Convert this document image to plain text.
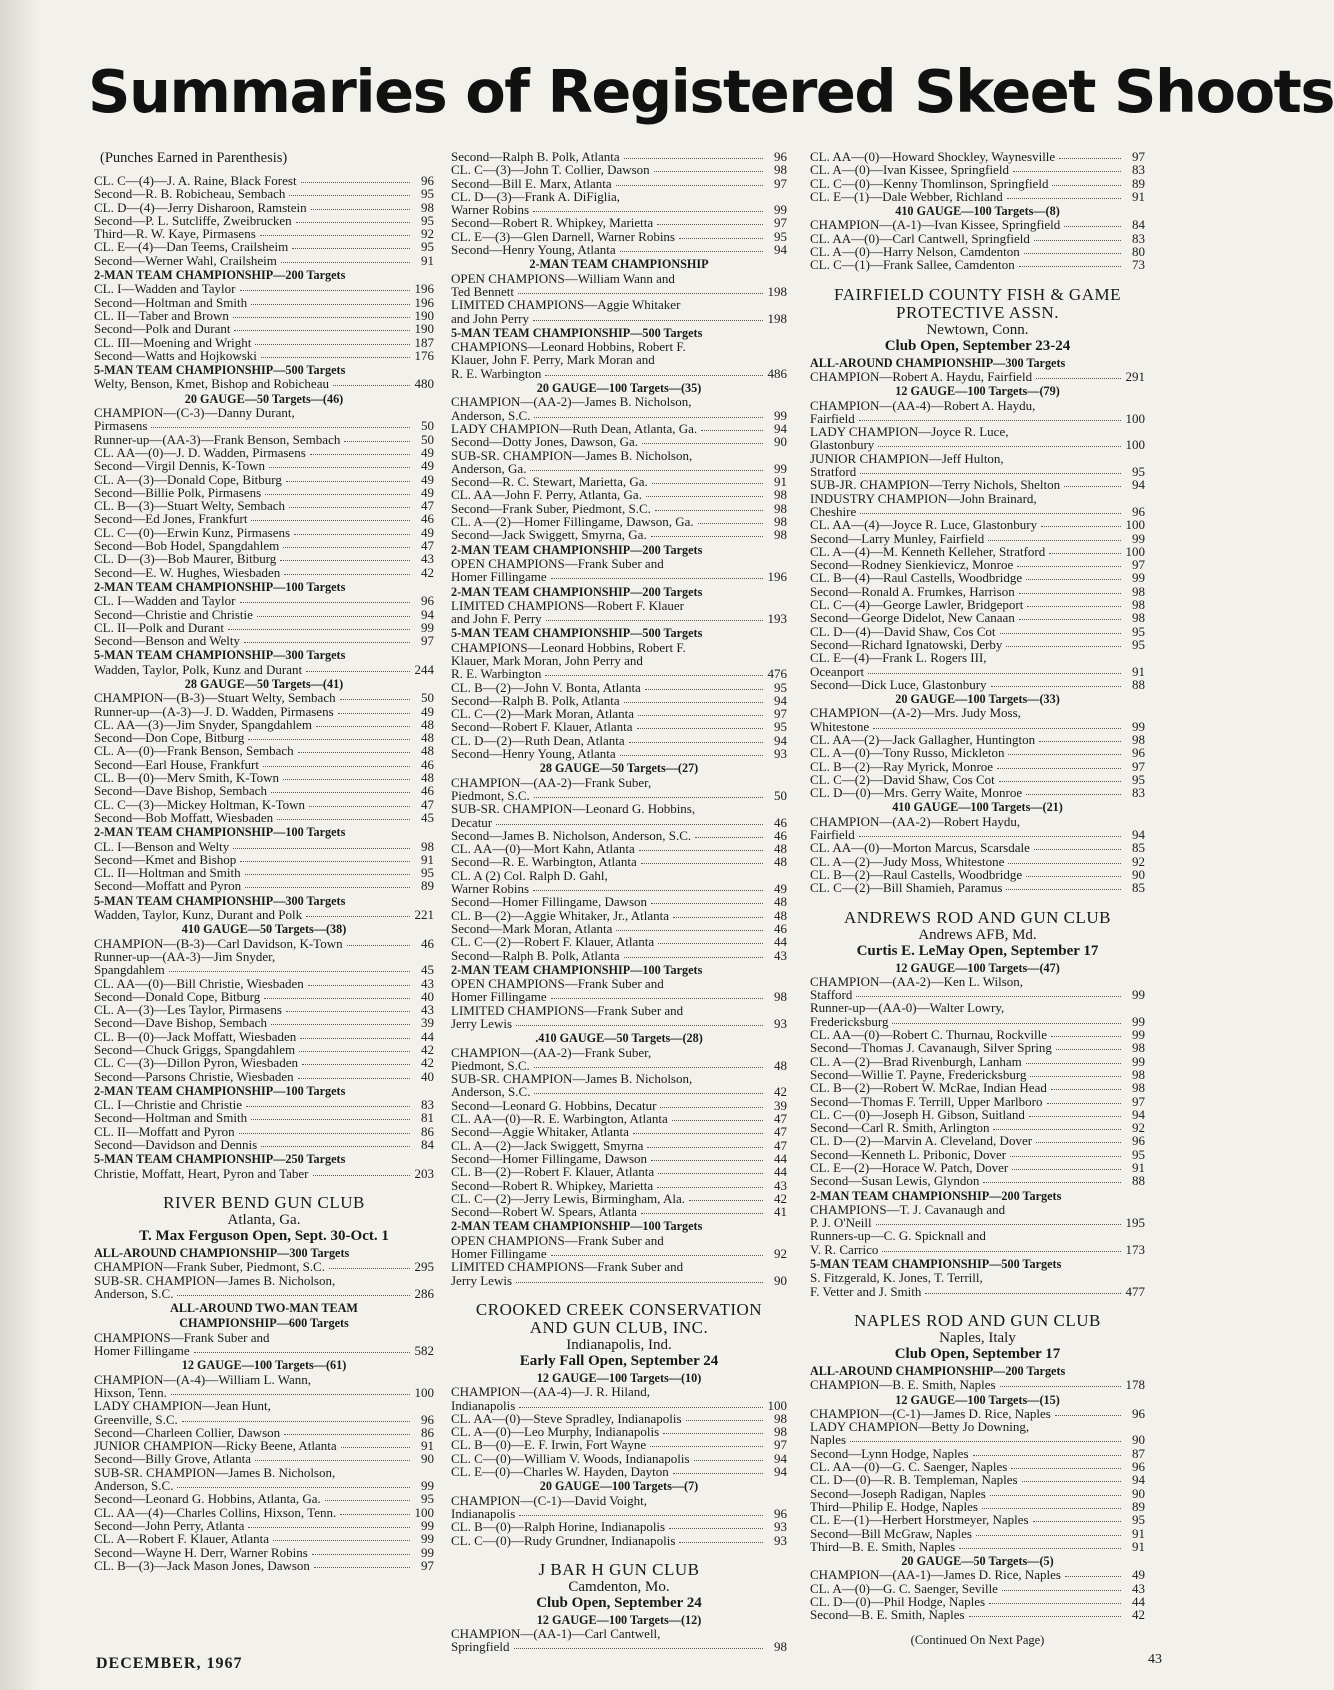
Summaries of Registered Skeet Shoots
(Punches Earned in Parenthesis)
CL. C—(4)—J. A. Raine, Black Forest	96
Second—R. B. Robicheau, Sembach	95
CL. D—(4)—Jerry Disharoon, Ramstein	98
Second—P. L. Sutcliffe, Zweibrucken	95
Third—R. W. Kaye, Pirmasens	92
CL. E—(4)—Dan Teems, Crailsheim	95
Second—Werner Wahl, Crailsheim	91
2-MAN TEAM CHAMPIONSHIP—200 Targets
CL. I—Wadden and Taylor	196
Second—Holtman and Smith	196
CL. II—Taber and Brown	190
Second—Polk and Durant	190
CL. III—Moening and Wright	187
Second—Watts and Hojkowski	176
5-MAN TEAM CHAMPIONSHIP—500 Targets
Welty, Benson, Kmet, Bishop and Robicheau	480
20 GAUGE—50 Targets—(46)
CHAMPION—(C-3)—Danny Durant,
Pirmasens	50
Runner-up—(AA-3)—Frank Benson, Sembach	50
CL. AA—(0)—J. D. Wadden, Pirmasens	49
Second—Virgil Dennis, K-Town	49
CL. A—(3)—Donald Cope, Bitburg	49
Second—Billie Polk, Pirmasens	49
CL. B—(3)—Stuart Welty, Sembach	47
Second—Ed Jones, Frankfurt	46
CL. C—(0)—Erwin Kunz, Pirmasens	49
Second—Bob Hodel, Spangdahlem	47
CL. D—(3)—Bob Maurer, Bitburg	43
Second—E. W. Hughes, Wiesbaden	42
2-MAN TEAM CHAMPIONSHIP—100 Targets
CL. I—Wadden and Taylor	96
Second—Christie and Christie	94
CL. II—Polk and Durant	99
Second—Benson and Welty	97
5-MAN TEAM CHAMPIONSHIP—300 Targets
Wadden, Taylor, Polk, Kunz and Durant	244
28 GAUGE—50 Targets—(41)
CHAMPION—(B-3)—Stuart Welty, Sembach	50
Runner-up—(A-3)—J. D. Wadden, Pirmasens	49
CL. AA—(3)—Jim Snyder, Spangdahlem	48
Second—Don Cope, Bitburg	48
CL. A—(0)—Frank Benson, Sembach	48
Second—Earl House, Frankfurt	46
CL. B—(0)—Merv Smith, K-Town	48
Second—Dave Bishop, Sembach	46
CL. C—(3)—Mickey Holtman, K-Town	47
Second—Bob Moffatt, Wiesbaden	45
2-MAN TEAM CHAMPIONSHIP—100 Targets
CL. I—Benson and Welty	98
Second—Kmet and Bishop	91
CL. II—Holtman and Smith	95
Second—Moffatt and Pyron	89
5-MAN TEAM CHAMPIONSHIP—300 Targets
Wadden, Taylor, Kunz, Durant and Polk	221
410 GAUGE—50 Targets—(38)
CHAMPION—(B-3)—Carl Davidson, K-Town	46
Runner-up—(AA-3)—Jim Snyder,
Spangdahlem	45
CL. AA—(0)—Bill Christie, Wiesbaden	43
Second—Donald Cope, Bitburg	40
CL. A—(3)—Les Taylor, Pirmasens	43
Second—Dave Bishop, Sembach	39
CL. B—(0)—Jack Moffatt, Wiesbaden	44
Second—Chuck Griggs, Spangdahlem	42
CL. C—(3)—Dillon Pyron, Wiesbaden	42
Second—Parsons Christie, Wiesbaden	40
2-MAN TEAM CHAMPIONSHIP—100 Targets
CL. I—Christie and Christie	83
Second—Holtman and Smith	81
CL. II—Moffatt and Pyron	86
Second—Davidson and Dennis	84
5-MAN TEAM CHAMPIONSHIP—250 Targets
Christie, Moffatt, Heart, Pyron and Taber	203
RIVER BEND GUN CLUB
Atlanta, Ga.
T. Max Ferguson Open, Sept. 30-Oct. 1
ALL-AROUND CHAMPIONSHIP—300 Targets
CHAMPION—Frank Suber, Piedmont, S.C.	295
SUB-SR. CHAMPION—James B. Nicholson,
Anderson, S.C.	286
ALL-AROUND TWO-MAN TEAM
CHAMPIONSHIP—600 Targets
CHAMPIONS—Frank Suber and
Homer Fillingame	582
12 GAUGE—100 Targets—(61)
CHAMPION—(A-4)—William L. Wann,
Hixson, Tenn.	100
LADY CHAMPION—Jean Hunt,
Greenville, S.C.	96
Second—Charleen Collier, Dawson	86
JUNIOR CHAMPION—Ricky Beene, Atlanta	91
Second—Billy Grove, Atlanta	90
SUB-SR. CHAMPION—James B. Nicholson,
Anderson, S.C.	99
Second—Leonard G. Hobbins, Atlanta, Ga.	95
CL. AA—(4)—Charles Collins, Hixson, Tenn.	100
Second—John Perry, Atlanta	99
CL. A—Robert F. Klauer, Atlanta	99
Second—Wayne H. Derr, Warner Robins	99
CL. B—(3)—Jack Mason Jones, Dawson	97
Second—Ralph B. Polk, Atlanta	96
CL. C—(3)—John T. Collier, Dawson	98
Second—Bill E. Marx, Atlanta	97
CL. D—(3)—Frank A. DiFiglia,
Warner Robins	99
Second—Robert R. Whipkey, Marietta	97
CL. E—(3)—Glen Darnell, Warner Robins	95
Second—Henry Young, Atlanta	94
2-MAN TEAM CHAMPIONSHIP
OPEN CHAMPIONS—William Wann and
Ted Bennett	198
LIMITED CHAMPIONS—Aggie Whitaker
and John Perry	198
5-MAN TEAM CHAMPIONSHIP—500 Targets
CHAMPIONS—Leonard Hobbins, Robert F.
Klauer, John F. Perry, Mark Moran and
R. E. Warbington	486
20 GAUGE—100 Targets—(35)
CHAMPION—(AA-2)—James B. Nicholson,
Anderson, S.C.	99
LADY CHAMPION—Ruth Dean, Atlanta, Ga.	94
Second—Dotty Jones, Dawson, Ga.	90
SUB-SR. CHAMPION—James B. Nicholson,
Anderson, Ga.	99
Second—R. C. Stewart, Marietta, Ga.	91
CL. AA—John F. Perry, Atlanta, Ga.	98
Second—Frank Suber, Piedmont, S.C.	98
CL. A—(2)—Homer Fillingame, Dawson, Ga.	98
Second—Jack Swiggett, Smyrna, Ga.	98
2-MAN TEAM CHAMPIONSHIP—200 Targets
OPEN CHAMPIONS—Frank Suber and
Homer Fillingame	196
2-MAN TEAM CHAMPIONSHIP—200 Targets
LIMITED CHAMPIONS—Robert F. Klauer
and John F. Perry	193
5-MAN TEAM CHAMPIONSHIP—500 Targets
CHAMPIONS—Leonard Hobbins, Robert F.
Klauer, Mark Moran, John Perry and
R. E. Warbington	476
CL. B—(2)—John V. Bonta, Atlanta	95
Second—Ralph B. Polk, Atlanta	94
CL. C—(2)—Mark Moran, Atlanta	97
Second—Robert F. Klauer, Atlanta	95
CL. D—(2)—Ruth Dean, Atlanta	94
Second—Henry Young, Atlanta	93
28 GAUGE—50 Targets—(27)
CHAMPION—(AA-2)—Frank Suber,
Piedmont, S.C.	50
SUB-SR. CHAMPION—Leonard G. Hobbins,
Decatur	46
Second—James B. Nicholson, Anderson, S.C.	46
CL. AA—(0)—Mort Kahn, Atlanta	48
Second—R. E. Warbington, Atlanta	48
CL. A (2) Col. Ralph D. Gahl,
Warner Robins	49
Second—Homer Fillingame, Dawson	48
CL. B—(2)—Aggie Whitaker, Jr., Atlanta	48
Second—Mark Moran, Atlanta	46
CL. C—(2)—Robert F. Klauer, Atlanta	44
Second—Ralph B. Polk, Atlanta	43
2-MAN TEAM CHAMPIONSHIP—100 Targets
OPEN CHAMPIONS—Frank Suber and
Homer Fillingame	98
LIMITED CHAMPIONS—Frank Suber and
Jerry Lewis	93
.410 GAUGE—50 Targets—(28)
CHAMPION—(AA-2)—Frank Suber,
Piedmont, S.C.	48
SUB-SR. CHAMPION—James B. Nicholson,
Anderson, S.C.	42
Second—Leonard G. Hobbins, Decatur	39
CL. AA—(0)—R. E. Warbington, Atlanta	47
Second—Aggie Whitaker, Atlanta	47
CL. A—(2)—Jack Swiggett, Smyrna	47
Second—Homer Fillingame, Dawson	44
CL. B—(2)—Robert F. Klauer, Atlanta	44
Second—Robert R. Whipkey, Marietta	43
CL. C—(2)—Jerry Lewis, Birmingham, Ala.	42
Second—Robert W. Spears, Atlanta	41
2-MAN TEAM CHAMPIONSHIP—100 Targets
OPEN CHAMPIONS—Frank Suber and
Homer Fillingame	92
LIMITED CHAMPIONS—Frank Suber and
Jerry Lewis	90
CROOKED CREEK CONSERVATION
AND GUN CLUB, INC.
Indianapolis, Ind.
Early Fall Open, September 24
12 GAUGE—100 Targets—(10)
CHAMPION—(AA-4)—J. R. Hiland,
Indianapolis	100
CL. AA—(0)—Steve Spradley, Indianapolis	98
CL. A—(0)—Leo Murphy, Indianapolis	98
CL. B—(0)—E. F. Irwin, Fort Wayne	97
CL. C—(0)—William V. Woods, Indianapolis	94
CL. E—(0)—Charles W. Hayden, Dayton	94
20 GAUGE—100 Targets—(7)
CHAMPION—(C-1)—David Voight,
Indianapolis	96
CL. B—(0)—Ralph Horine, Indianapolis	93
CL. C—(0)—Rudy Grundner, Indianapolis	93
J BAR H GUN CLUB
Camdenton, Mo.
Club Open, September 24
12 GAUGE—100 Targets—(12)
CHAMPION—(AA-1)—Carl Cantwell,
Springfield	98
CL. AA—(0)—Howard Shockley, Waynesville	97
CL. A—(0)—Ivan Kissee, Springfield	83
CL. C—(0)—Kenny Thomlinson, Springfield	89
CL. E—(1)—Dale Webber, Richland	91
410 GAUGE—100 Targets—(8)
CHAMPION—(A-1)—Ivan Kissee, Springfield	84
CL. AA—(0)—Carl Cantwell, Springfield	83
CL. A—(0)—Harry Nelson, Camdenton	80
CL. C—(1)—Frank Sallee, Camdenton	73
FAIRFIELD COUNTY FISH & GAME
PROTECTIVE ASSN.
Newtown, Conn.
Club Open, September 23-24
ALL-AROUND CHAMPIONSHIP—300 Targets
CHAMPION—Robert A. Haydu, Fairfield	291
12 GAUGE—100 Targets—(79)
CHAMPION—(AA-4)—Robert A. Haydu,
Fairfield	100
LADY CHAMPION—Joyce R. Luce,
Glastonbury	100
JUNIOR CHAMPION—Jeff Hulton,
Stratford	95
SUB-JR. CHAMPION—Terry Nichols, Shelton	94
INDUSTRY CHAMPION—John Brainard,
Cheshire	96
CL. AA—(4)—Joyce R. Luce, Glastonbury	100
Second—Larry Munley, Fairfield	99
CL. A—(4)—M. Kenneth Kelleher, Stratford	100
Second—Rodney Sienkievicz, Monroe	97
CL. B—(4)—Raul Castells, Woodbridge	99
Second—Ronald A. Frumkes, Harrison	98
CL. C—(4)—George Lawler, Bridgeport	98
Second—George Didelot, New Canaan	98
CL. D—(4)—David Shaw, Cos Cot	95
Second—Richard Ignatowski, Derby	95
CL. E—(4)—Frank L. Rogers III,
Oceanport	91
Second—Dick Luce, Glastonbury	88
20 GAUGE—100 Targets—(33)
CHAMPION—(A-2)—Mrs. Judy Moss,
Whitestone	99
CL. AA—(2)—Jack Gallagher, Huntington	98
CL. A—(0)—Tony Russo, Mickleton	96
CL. B—(2)—Ray Myrick, Monroe	97
CL. C—(2)—David Shaw, Cos Cot	95
CL. D—(0)—Mrs. Gerry Waite, Monroe	83
410 GAUGE—100 Targets—(21)
CHAMPION—(AA-2)—Robert Haydu,
Fairfield	94
CL. AA—(0)—Morton Marcus, Scarsdale	85
CL. A—(2)—Judy Moss, Whitestone	92
CL. B—(2)—Raul Castells, Woodbridge	90
CL. C—(2)—Bill Shamieh, Paramus	85
ANDREWS ROD AND GUN CLUB
Andrews AFB, Md.
Curtis E. LeMay Open, September 17
12 GAUGE—100 Targets—(47)
CHAMPION—(AA-2)—Ken L. Wilson,
Stafford	99
Runner-up—(AA-0)—Walter Lowry,
Fredericksburg	99
CL. AA—(0)—Robert C. Thurnau, Rockville	99
Second—Thomas J. Cavanaugh, Silver Spring	98
CL. A—(2)—Brad Rivenburgh, Lanham	99
Second—Willie T. Payne, Fredericksburg	98
CL. B—(2)—Robert W. McRae, Indian Head	98
Second—Thomas F. Terrill, Upper Marlboro	97
CL. C—(0)—Joseph H. Gibson, Suitland	94
Second—Carl R. Smith, Arlington	92
CL. D—(2)—Marvin A. Cleveland, Dover	96
Second—Kenneth L. Pribonic, Dover	95
CL. E—(2)—Horace W. Patch, Dover	91
Second—Susan Lewis, Glyndon	88
2-MAN TEAM CHAMPIONSHIP—200 Targets
CHAMPIONS—T. J. Cavanaugh and
P. J. O'Neill	195
Runners-up—C. G. Spicknall and
V. R. Carrico	173
5-MAN TEAM CHAMPIONSHIP—500 Targets
S. Fitzgerald, K. Jones, T. Terrill,
F. Vetter and J. Smith	477
NAPLES ROD AND GUN CLUB
Naples, Italy
Club Open, September 17
ALL-AROUND CHAMPIONSHIP—200 Targets
CHAMPION—B. E. Smith, Naples	178
12 GAUGE—100 Targets—(15)
CHAMPION—(C-1)—James D. Rice, Naples	96
LADY CHAMPION—Betty Jo Downing,
Naples	90
Second—Lynn Hodge, Naples	87
CL. AA—(0)—G. C. Saenger, Naples	96
CL. D—(0)—R. B. Templeman, Naples	94
Second—Joseph Radigan, Naples	90
Third—Philip E. Hodge, Naples	89
CL. E—(1)—Herbert Horstmeyer, Naples	95
Second—Bill McGraw, Naples	91
Third—B. E. Smith, Naples	91
20 GAUGE—50 Targets—(5)
CHAMPION—(AA-1)—James D. Rice, Naples	49
CL. A—(0)—G. C. Saenger, Seville	43
CL. D—(0)—Phil Hodge, Naples	44
Second—B. E. Smith, Naples	42
(Continued On Next Page)
DECEMBER, 1967	43
